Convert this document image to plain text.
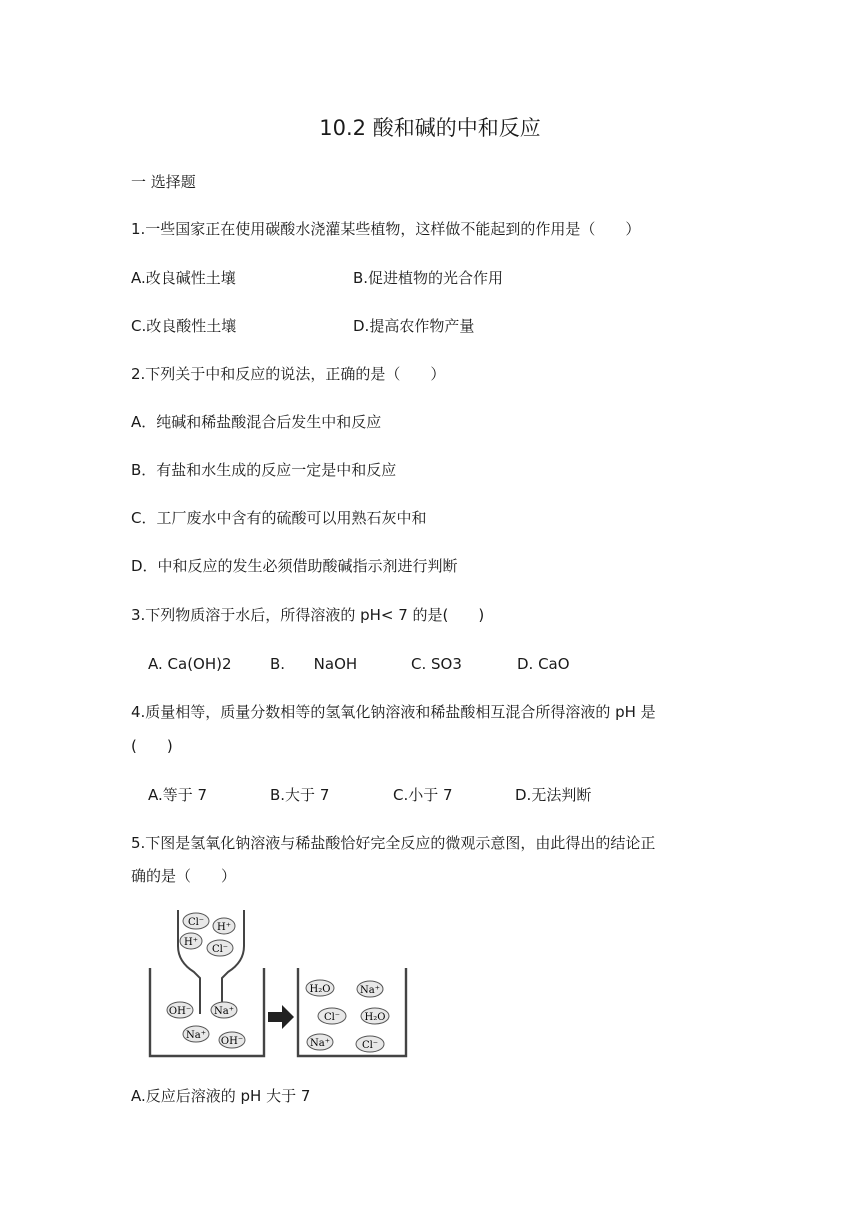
10.2 酸和碱的中和反应
一 选择题
1.一些国家正在使用碳酸水浇灌某些植物，这样做不能起到的作用是（　　）
A.改良碱性土壤	B.促进植物的光合作用
C.改良酸性土壤	D.提高农作物产量
2.下列关于中和反应的说法，正确的是（　　）
A．纯碱和稀盐酸混合后发生中和反应
B．有盐和水生成的反应一定是中和反应
C．工厂废水中含有的硫酸可以用熟石灰中和
D．中和反应的发生必须借助酸碱指示剂进行判断
3.下列物质溶于水后，所得溶液的 pH< 7 的是(　　)
A. Ca(OH)2	B.      NaOH	C. SO3	D. CaO
4.质量相等，质量分数相等的氢氧化钠溶液和稀盐酸相互混合所得溶液的 pH 是
(　　)
A.等于 7	B.大于 7	C.小于 7	D.无法判断
5.下图是氢氧化钠溶液与稀盐酸恰好完全反应的微观示意图，由此得出的结论正
确的是（　　）
Cl⁻ H⁺
H⁺
Cl⁻
OH⁻ Na⁺
Na⁺
OH⁻
H₂O	Na⁺
Cl⁻ H₂O
Na⁺	Cl⁻
A.反应后溶液的 pH 大于 7
